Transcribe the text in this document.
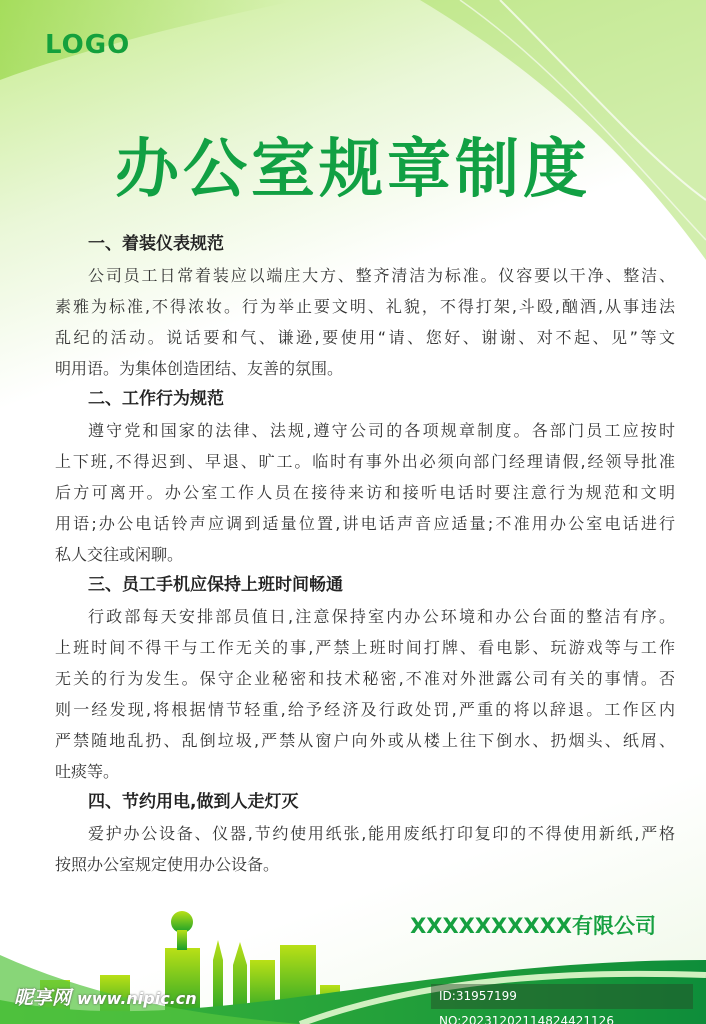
LOGO
办公室规章制度
一、着装仪表规范
公司员工日常着装应以端庄大方、整齐清洁为标准。仪容要以干净、整洁、
素雅为标准,不得浓妆。行为举止要文明、礼貌，不得打架,斗殴,酗酒,从事违法
乱纪的活动。说话要和气、谦逊,要使用“请、您好、谢谢、对不起、见”等文
明用语。为集体创造团结、友善的氛围。
二、工作行为规范
遵守党和国家的法律、法规,遵守公司的各项规章制度。各部门员工应按时
上下班,不得迟到、早退、旷工。临时有事外出必须向部门经理请假,经领导批准
后方可离开。办公室工作人员在接待来访和接听电话时要注意行为规范和文明
用语;办公电话铃声应调到适量位置,讲电话声音应适量;不准用办公室电话进行
私人交往或闲聊。
三、员工手机应保持上班时间畅通
行政部每天安排部员值日,注意保持室内办公环境和办公台面的整洁有序。
上班时间不得干与工作无关的事,严禁上班时间打牌、看电影、玩游戏等与工作
无关的行为发生。保守企业秘密和技术秘密,不准对外泄露公司有关的事情。否
则一经发现,将根据情节轻重,给予经济及行政处罚,严重的将以辞退。工作区内
严禁随地乱扔、乱倒垃圾,严禁从窗户向外或从楼上往下倒水、扔烟头、纸屑、
吐痰等。
四、节约用电,做到人走灯灭
爱护办公设备、仪器,节约使用纸张,能用废纸打印复印的不得使用新纸,严格
按照办公室规定使用办公设备。
XXXXXXXXXX有限公司
昵享网 www.nipic.cn	ID:31957199 NO:20231202114824421126
